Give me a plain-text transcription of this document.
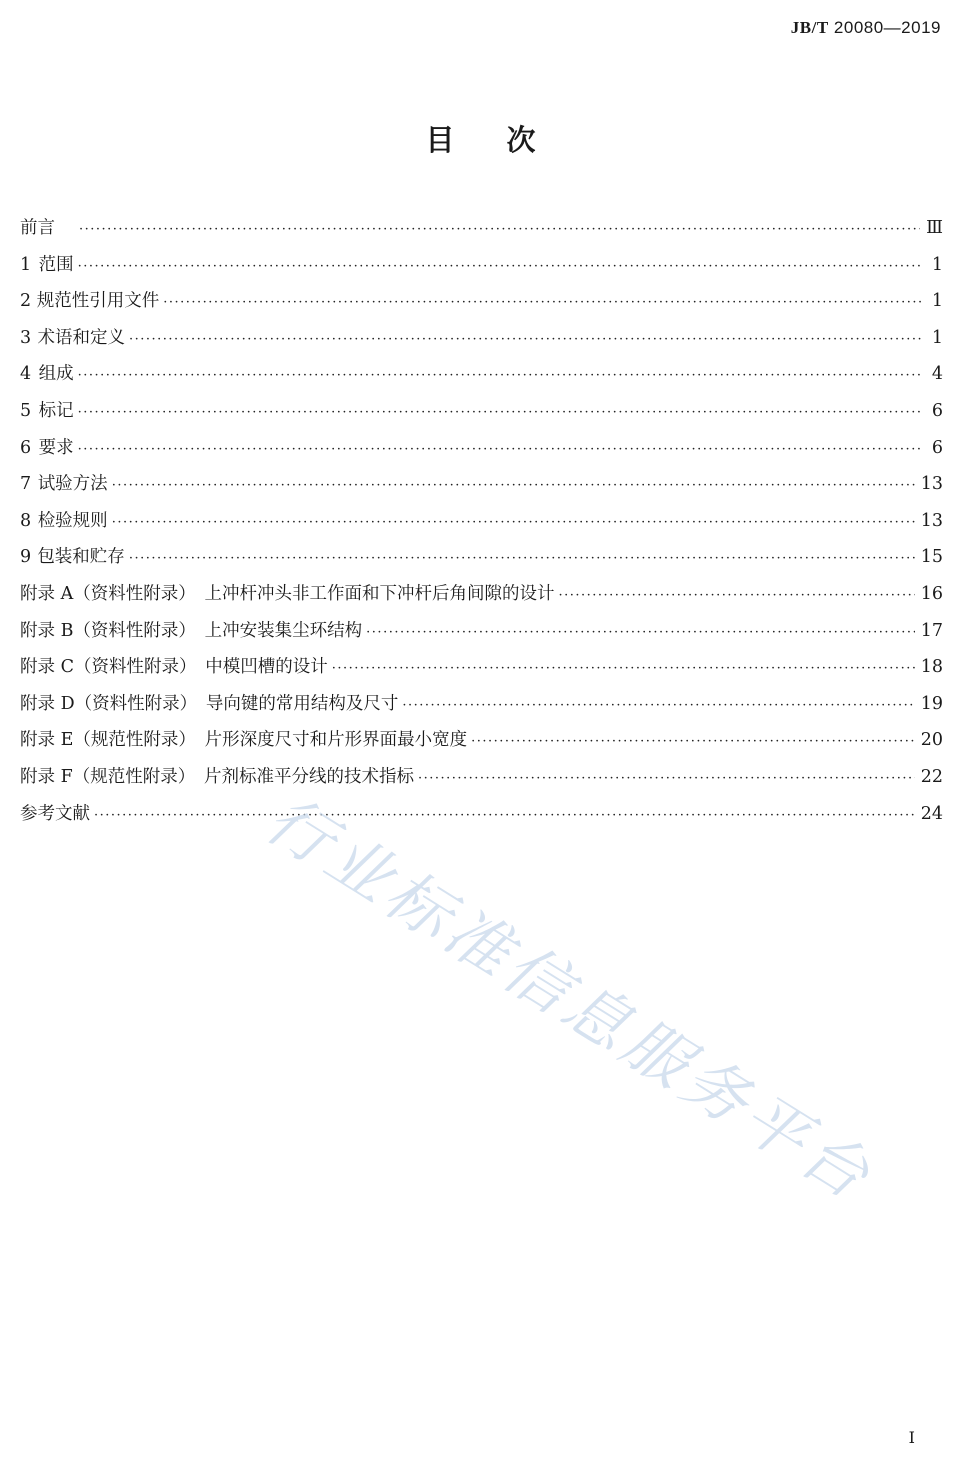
JB/T 20080—2019
目次
前言 ·····	Ⅲ
1 范围 ·····	1
2 规范性引用文件 ·····	1
3 术语和定义 ·····	1
4 组成 ·····	4
5 标记 ·····	6
6 要求 ·····	6
7 试验方法 ·····	13
8 检验规则 ·····	13
9 包装和贮存 ·····	15
附录 A（资料性附录）　上冲杆冲头非工作面和下冲杆后角间隙的设计 ·····	16
附录 B（资料性附录）　上冲安装集尘环结构 ·····	17
附录 C（资料性附录）　中模凹槽的设计 ·····	18
附录 D（资料性附录）　导向键的常用结构及尺寸 ·····	19
附录 E（规范性附录）　片形深度尺寸和片形界面最小宽度 ·····	20
附录 F（规范性附录）　片剂标准平分线的技术指标 ·····	22
参考文献 ·····	24
行业标准信息服务平台
I
